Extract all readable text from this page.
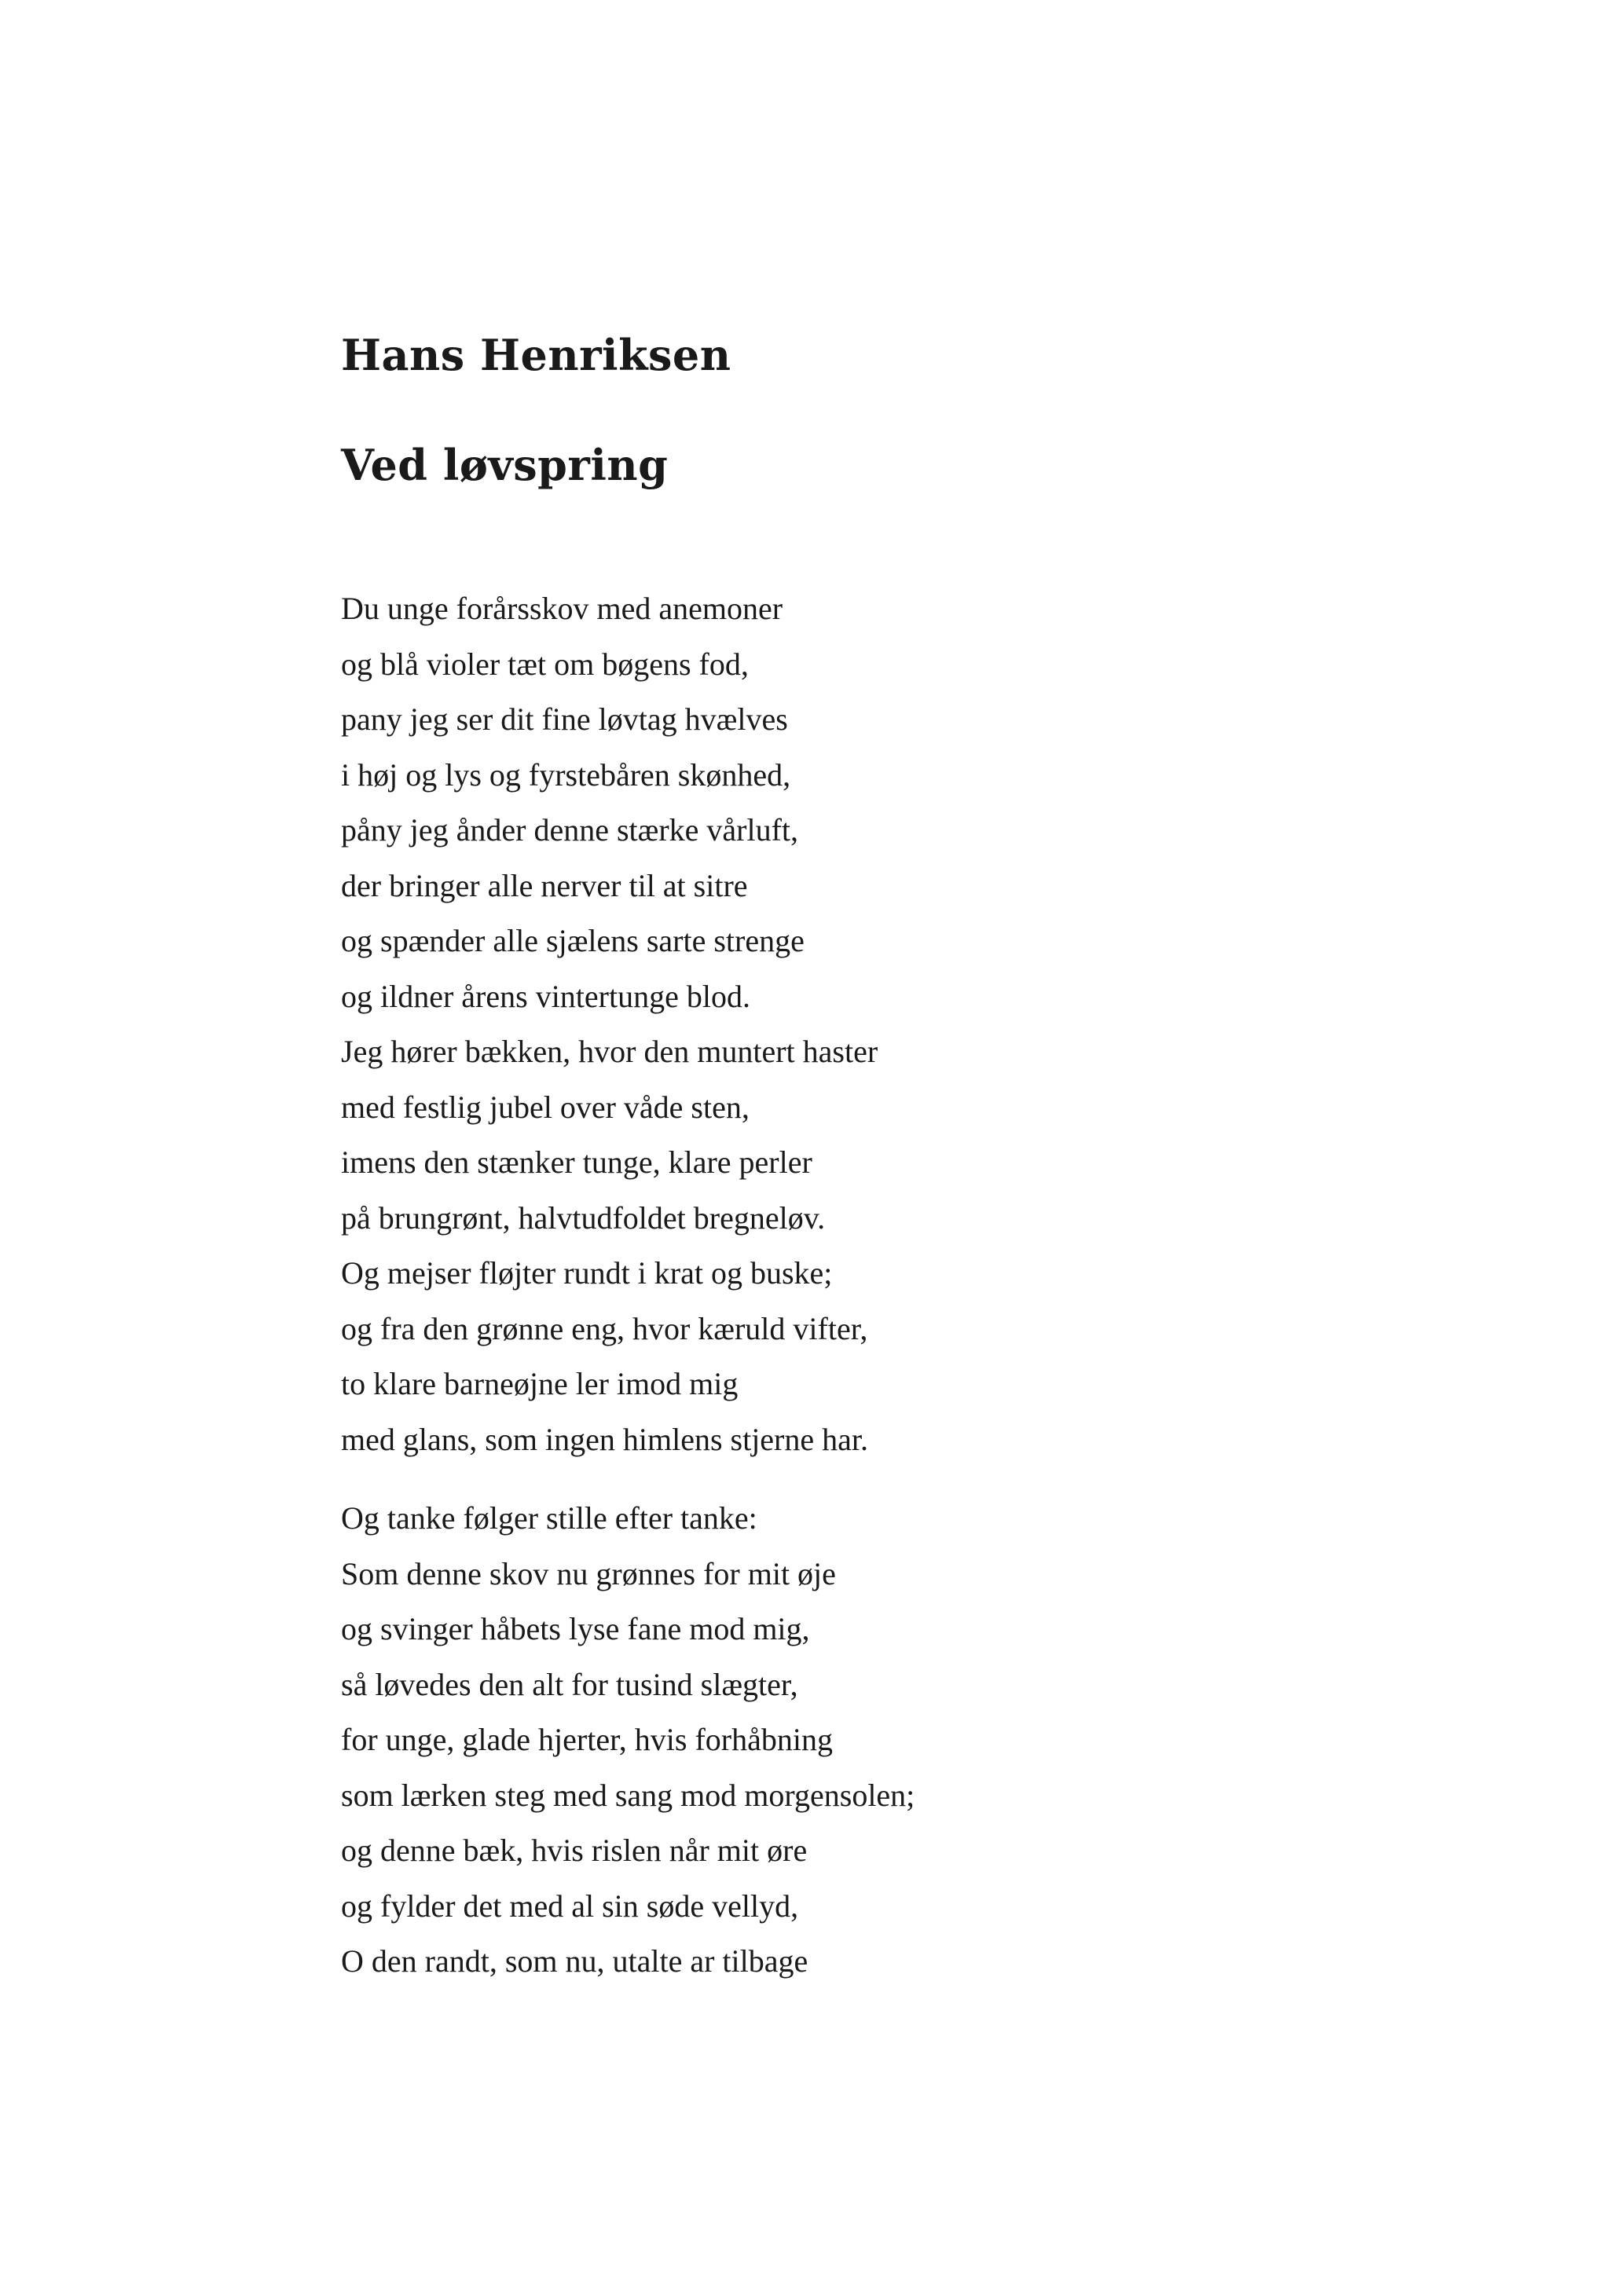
Hans Henriksen
Ved løvspring
Du unge forårsskov med anemoner
og blå violer tæt om bøgens fod,
pany jeg ser dit fine løvtag hvælves
i høj og lys og fyrstebåren skønhed,
påny jeg ånder denne stærke vårluft,
der bringer alle nerver til at sitre
og spænder alle sjælens sarte strenge
og ildner årens vintertunge blod.
Jeg hører bækken, hvor den muntert haster
med festlig jubel over våde sten,
imens den stænker tunge, klare perler
på brungrønt, halvtudfoldet bregneløv.
Og mejser fløjter rundt i krat og buske;
og fra den grønne eng, hvor kæruld vifter,
to klare barneøjne ler imod mig
med glans, som ingen himlens stjerne har.
Og tanke følger stille efter tanke:
Som denne skov nu grønnes for mit øje
og svinger håbets lyse fane mod mig,
så løvedes den alt for tusind slægter,
for unge, glade hjerter, hvis forhåbning
som lærken steg med sang mod morgensolen;
og denne bæk, hvis rislen når mit øre
og fylder det med al sin søde vellyd,
O den randt, som nu, utalte ar tilbage
